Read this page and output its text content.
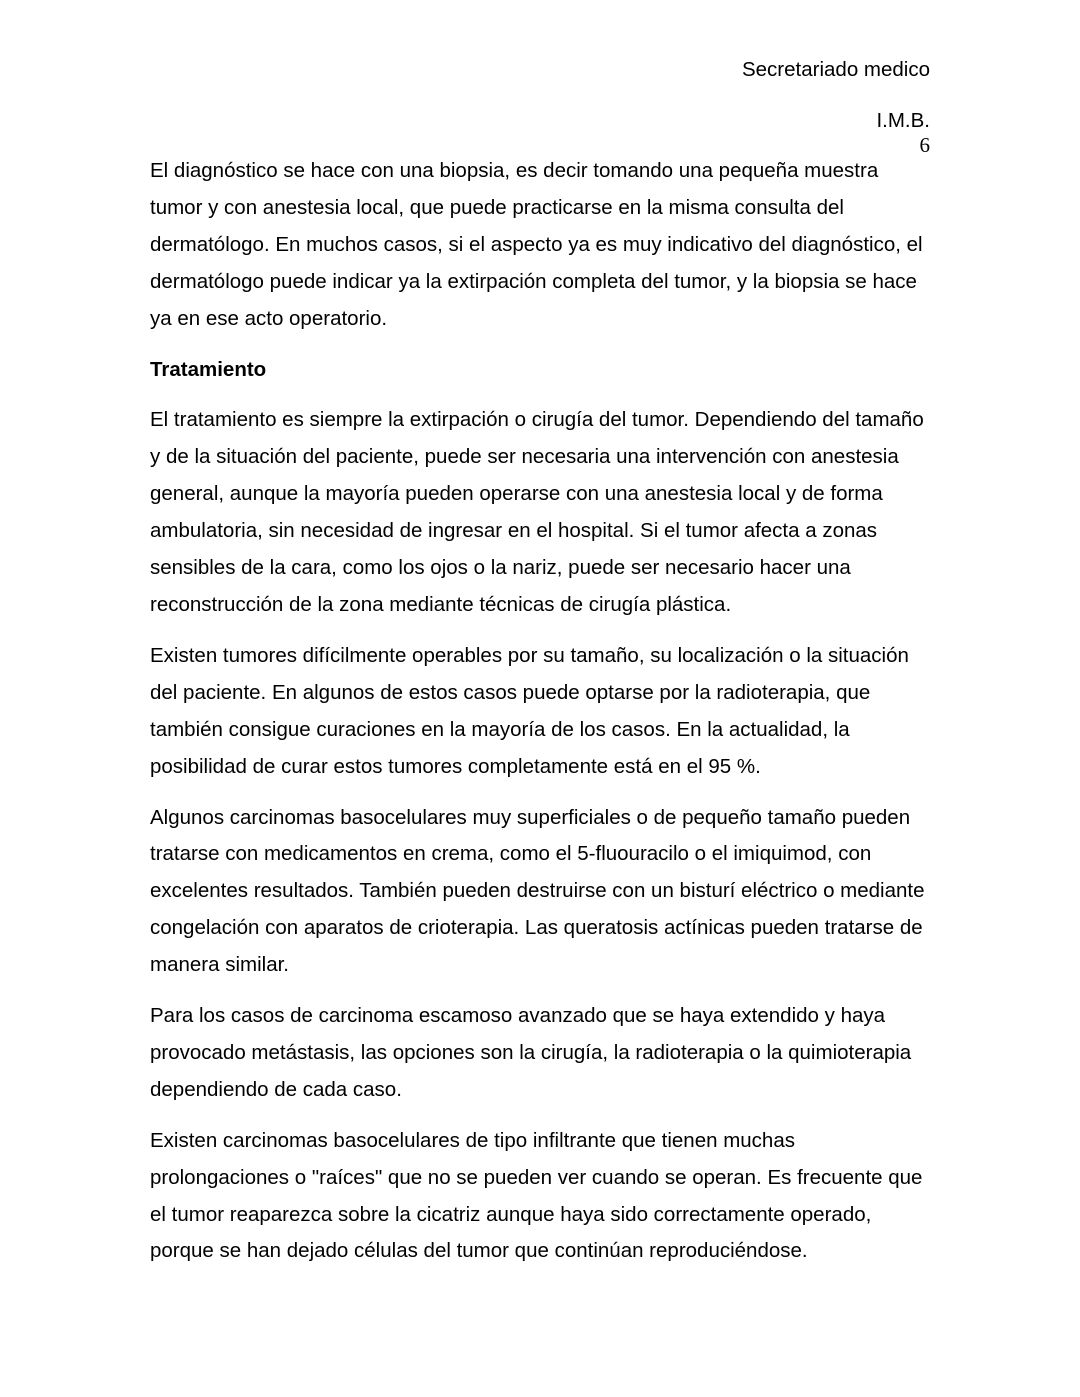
Secretariado medico
I.M.B.
6

El diagnóstico se hace con una biopsia, es decir tomando una pequeña muestra tumor y con anestesia local, que puede practicarse en la misma consulta del dermatólogo. En muchos casos, si el aspecto ya es muy indicativo del diagnóstico, el dermatólogo puede indicar ya la extirpación completa del tumor, y la biopsia se hace ya en ese acto operatorio.

Tratamiento

El tratamiento es siempre la extirpación o cirugía del tumor. Dependiendo del tamaño y de la situación del paciente, puede ser necesaria una intervención con anestesia general, aunque la mayoría pueden operarse con una anestesia local y de forma ambulatoria, sin necesidad de ingresar en el hospital. Si el tumor afecta a zonas sensibles de la cara, como los ojos o la nariz, puede ser necesario hacer una reconstrucción de la zona mediante técnicas de cirugía plástica.

Existen tumores difícilmente operables por su tamaño, su localización o la situación del paciente. En algunos de estos casos puede optarse por la radioterapia, que también consigue curaciones en la mayoría de los casos. En la actualidad, la posibilidad de curar estos tumores completamente está en el 95 %.

Algunos carcinomas basocelulares muy superficiales o de pequeño tamaño pueden tratarse con medicamentos en crema, como el 5-fluouracilo o el imiquimod, con excelentes resultados. También pueden destruirse con un bisturí eléctrico o mediante congelación con aparatos de crioterapia. Las queratosis actínicas pueden tratarse de manera similar.

Para los casos de carcinoma escamoso avanzado que se haya extendido y haya provocado metástasis, las opciones son la cirugía, la radioterapia o la quimioterapia dependiendo de cada caso.

Existen carcinomas basocelulares de tipo infiltrante que tienen muchas prolongaciones o "raíces" que no se pueden ver cuando se operan. Es frecuente que el tumor reaparezca sobre la cicatriz aunque haya sido correctamente operado, porque se han dejado células del tumor que continúan reproduciéndose.
